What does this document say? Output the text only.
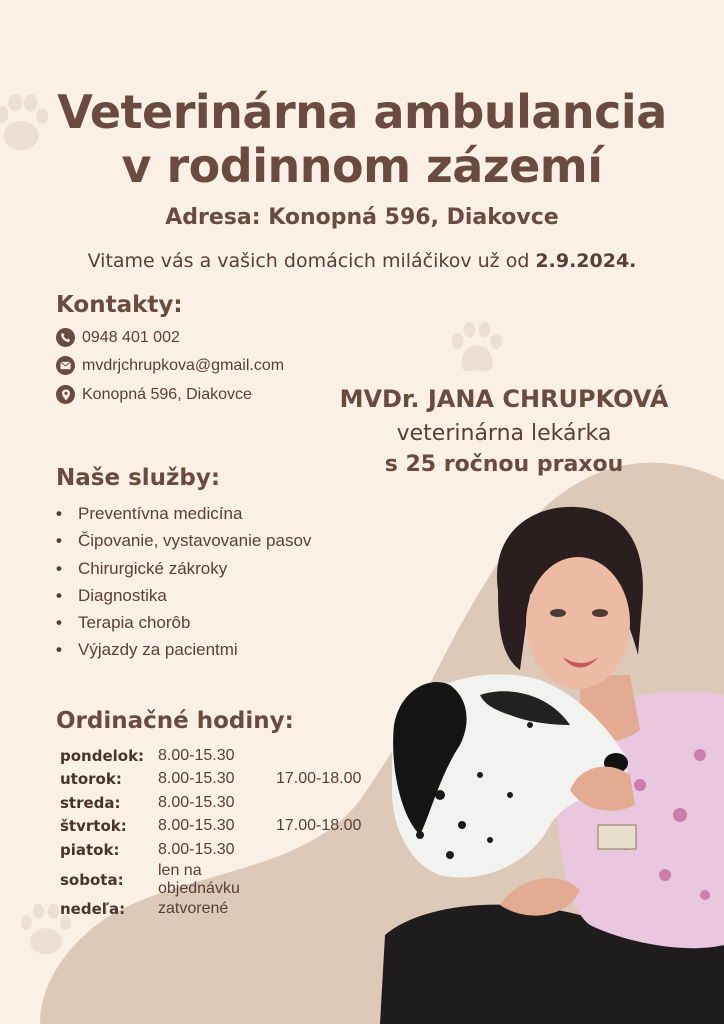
Veterinárna ambulancia
v rodinnom zázemí
Adresa: Konopná 596, Diakovce
Vitame vás a vašich domácich miláčikov už od 2.9.2024.
Kontakty:
0948 401 002
mvdrjchrupkova@gmail.com
Konopná 596, Diakovce	MVDr. JANA CHRUPKOVÁ
veterinárna lekárka
s 25 ročnou praxou
Naše služby:
• Preventívna medicína
• Čipovanie, vystavovanie pasov
• Chirurgické zákroky
• Diagnostika
• Terapia chorôb
• Výjazdy za pacientmi
Ordinačné hodiny:
pondelok:	8.00-15.30	
utorok:	8.00-15.30	17.00-18.00
streda:	8.00-15.30	
štvrtok:	8.00-15.30	17.00-18.00
piatok:	8.00-15.30	
sobota:	len na objednávku	
nedeľa:	zatvorené	
